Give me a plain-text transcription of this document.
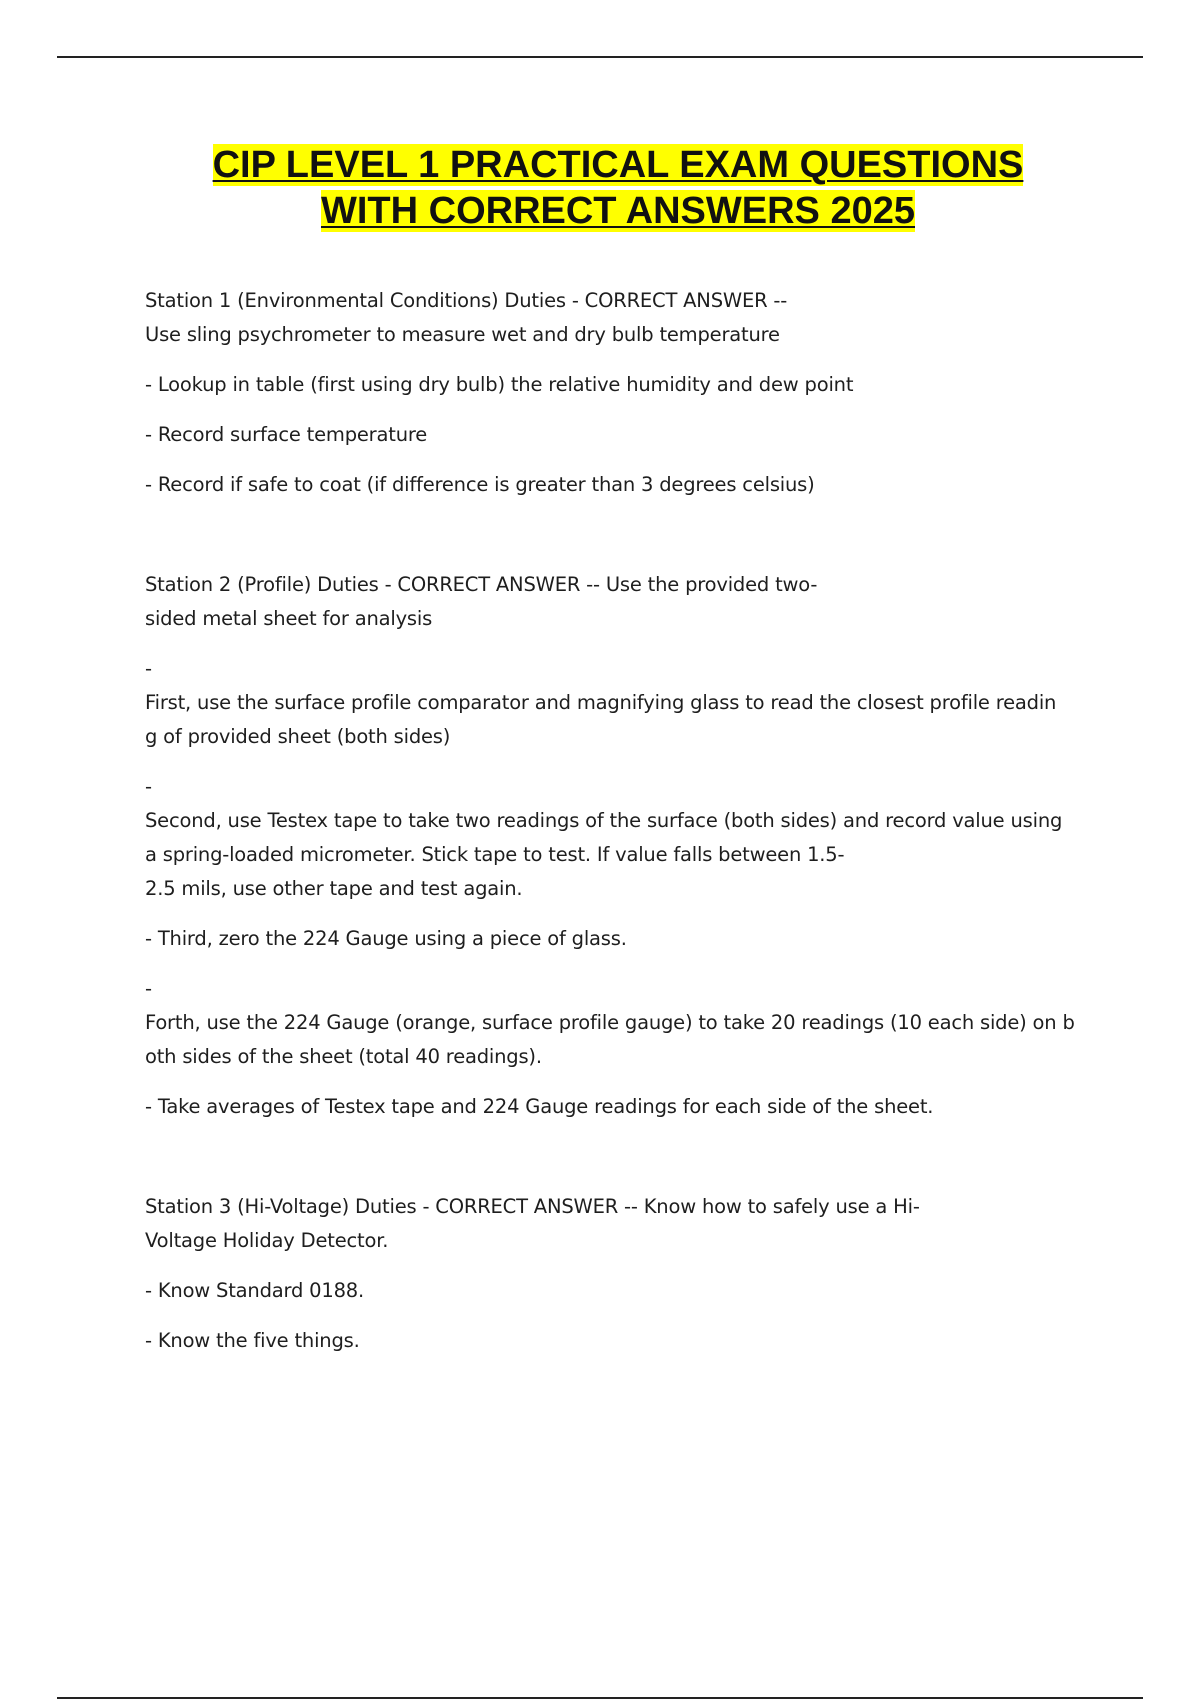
CIP LEVEL 1 PRACTICAL EXAM QUESTIONS
WITH CORRECT ANSWERS 2025

Station 1 (Environmental Conditions) Duties - CORRECT ANSWER --
Use sling psychrometer to measure wet and dry bulb temperature

- Lookup in table (first using dry bulb) the relative humidity and dew point

- Record surface temperature

- Record if safe to coat (if difference is greater than 3 degrees celsius)

Station 2 (Profile) Duties - CORRECT ANSWER -- Use the provided two-
sided metal sheet for analysis

-
First, use the surface profile comparator and magnifying glass to read the closest profile readin
g of provided sheet (both sides)

-
Second, use Testex tape to take two readings of the surface (both sides) and record value using
a spring-loaded micrometer. Stick tape to test. If value falls between 1.5-
2.5 mils, use other tape and test again.

- Third, zero the 224 Gauge using a piece of glass.

-
Forth, use the 224 Gauge (orange, surface profile gauge) to take 20 readings (10 each side) on b
oth sides of the sheet (total 40 readings).

- Take averages of Testex tape and 224 Gauge readings for each side of the sheet.

Station 3 (Hi-Voltage) Duties - CORRECT ANSWER -- Know how to safely use a Hi-
Voltage Holiday Detector.

- Know Standard 0188.

- Know the five things.
